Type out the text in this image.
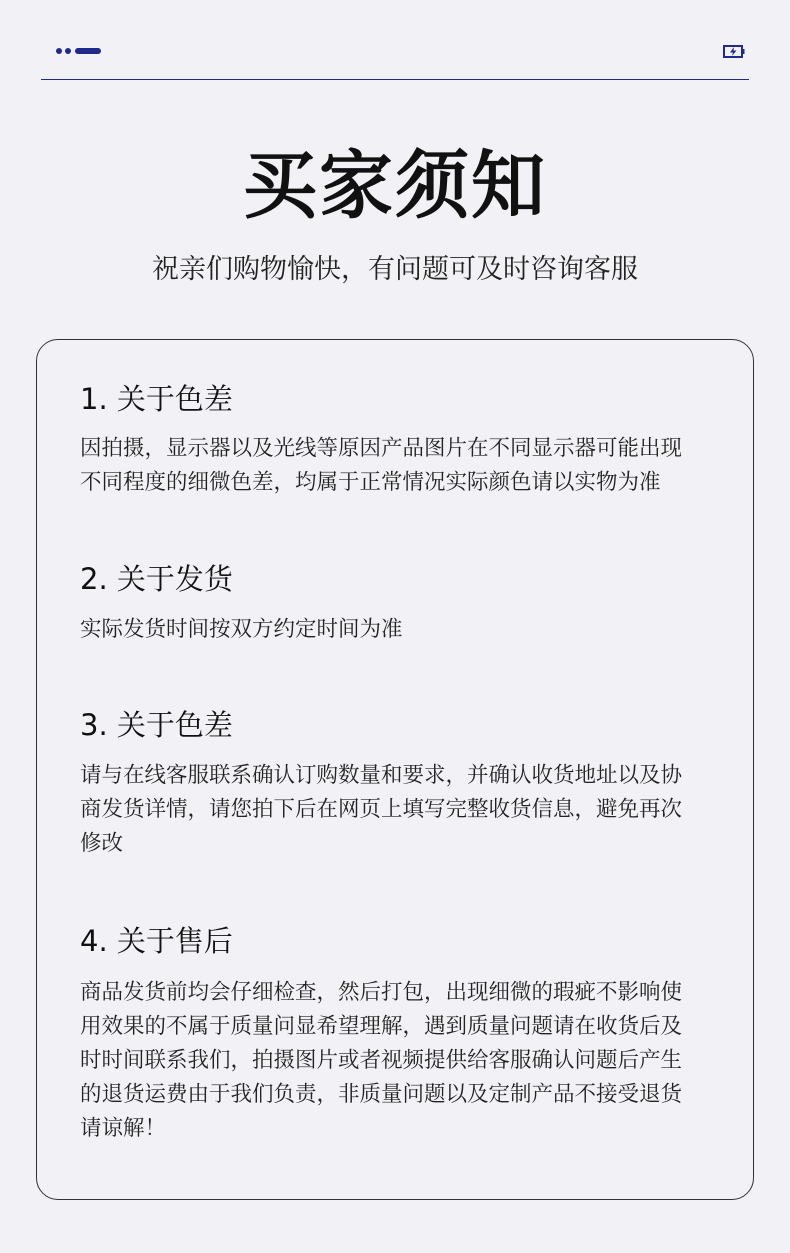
买家须知
祝亲们购物愉快，有问题可及时咨询客服
1. 关于色差

因拍摄，显示器以及光线等原因产品图片在不同显示器可能出现
不同程度的细微色差，均属于正常情况实际颜色请以实物为准

2. 关于发货

实际发货时间按双方约定时间为准

3. 关于色差

请与在线客服联系确认订购数量和要求，并确认收货地址以及协
商发货详情，请您拍下后在网页上填写完整收货信息，避免再次
修改

4. 关于售后

商品发货前均会仔细检查，然后打包，出现细微的瑕疵不影响使
用效果的不属于质量问显希望理解，遇到质量问题请在收货后及
时时间联系我们，拍摄图片或者视频提供给客服确认问题后产生
的退货运费由于我们负责，非质量问题以及定制产品不接受退货
请谅解！
